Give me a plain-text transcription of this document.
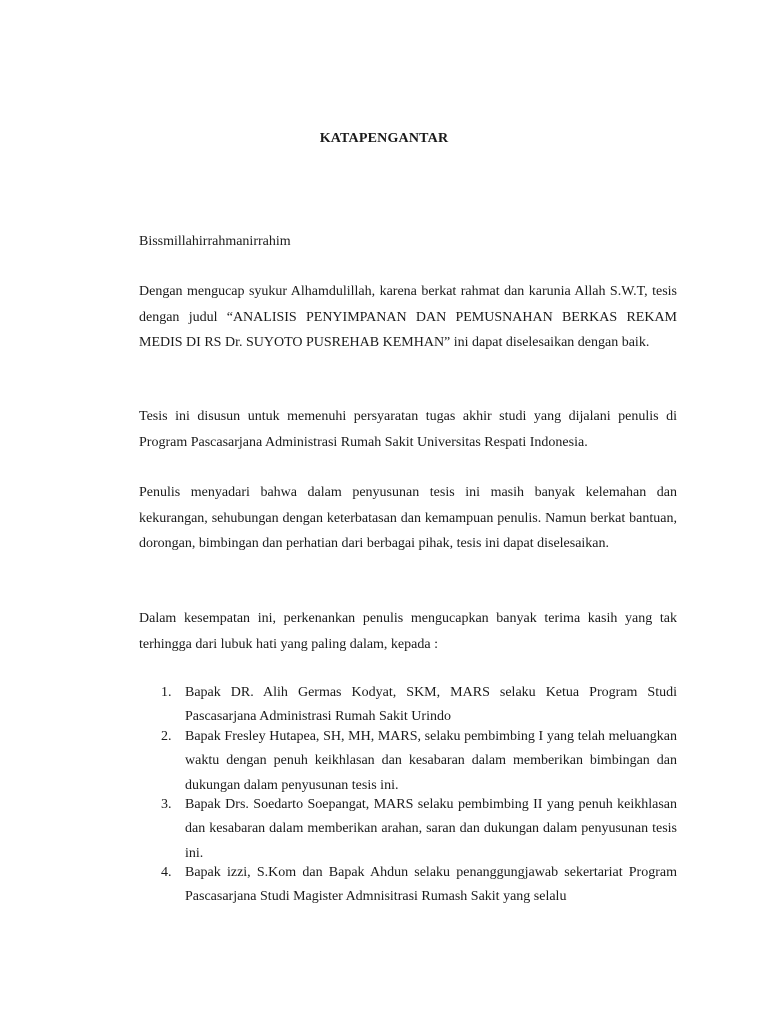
KATAPENGANTAR

Bissmillahirrahmanirrahim

Dengan mengucap syukur Alhamdulillah, karena berkat rahmat dan karunia Allah S.W.T, tesis dengan judul “ANALISIS PENYIMPANAN DAN PEMUSNAHAN BERKAS REKAM MEDIS DI RS Dr. SUYOTO PUSREHAB KEMHAN” ini dapat diselesaikan dengan baik.

Tesis ini disusun untuk memenuhi persyaratan tugas akhir studi yang dijalani penulis di Program Pascasarjana Administrasi Rumah Sakit Universitas Respati Indonesia.

Penulis menyadari bahwa dalam penyusunan tesis ini masih banyak kelemahan dan kekurangan, sehubungan dengan keterbatasan dan kemampuan penulis. Namun berkat bantuan, dorongan, bimbingan dan perhatian dari berbagai pihak, tesis ini dapat diselesaikan.

Dalam kesempatan ini, perkenankan penulis mengucapkan banyak terima kasih yang tak terhingga dari lubuk hati yang paling dalam, kepada :

1. Bapak DR. Alih Germas Kodyat, SKM, MARS selaku Ketua Program Studi Pascasarjana Administrasi Rumah Sakit Urindo
2. Bapak Fresley Hutapea, SH, MH, MARS, selaku pembimbing I yang telah meluangkan waktu dengan penuh keikhlasan dan kesabaran dalam memberikan bimbingan dan dukungan dalam penyusunan tesis ini.
3. Bapak Drs. Soedarto Soepangat, MARS selaku pembimbing II yang penuh keikhlasan dan kesabaran dalam memberikan arahan, saran dan dukungan dalam penyusunan tesis ini.
4. Bapak izzi, S.Kom dan Bapak Ahdun selaku penanggungjawab sekertariat Program Pascasarjana Studi Magister Admnisitrasi Rumash Sakit yang selalu
